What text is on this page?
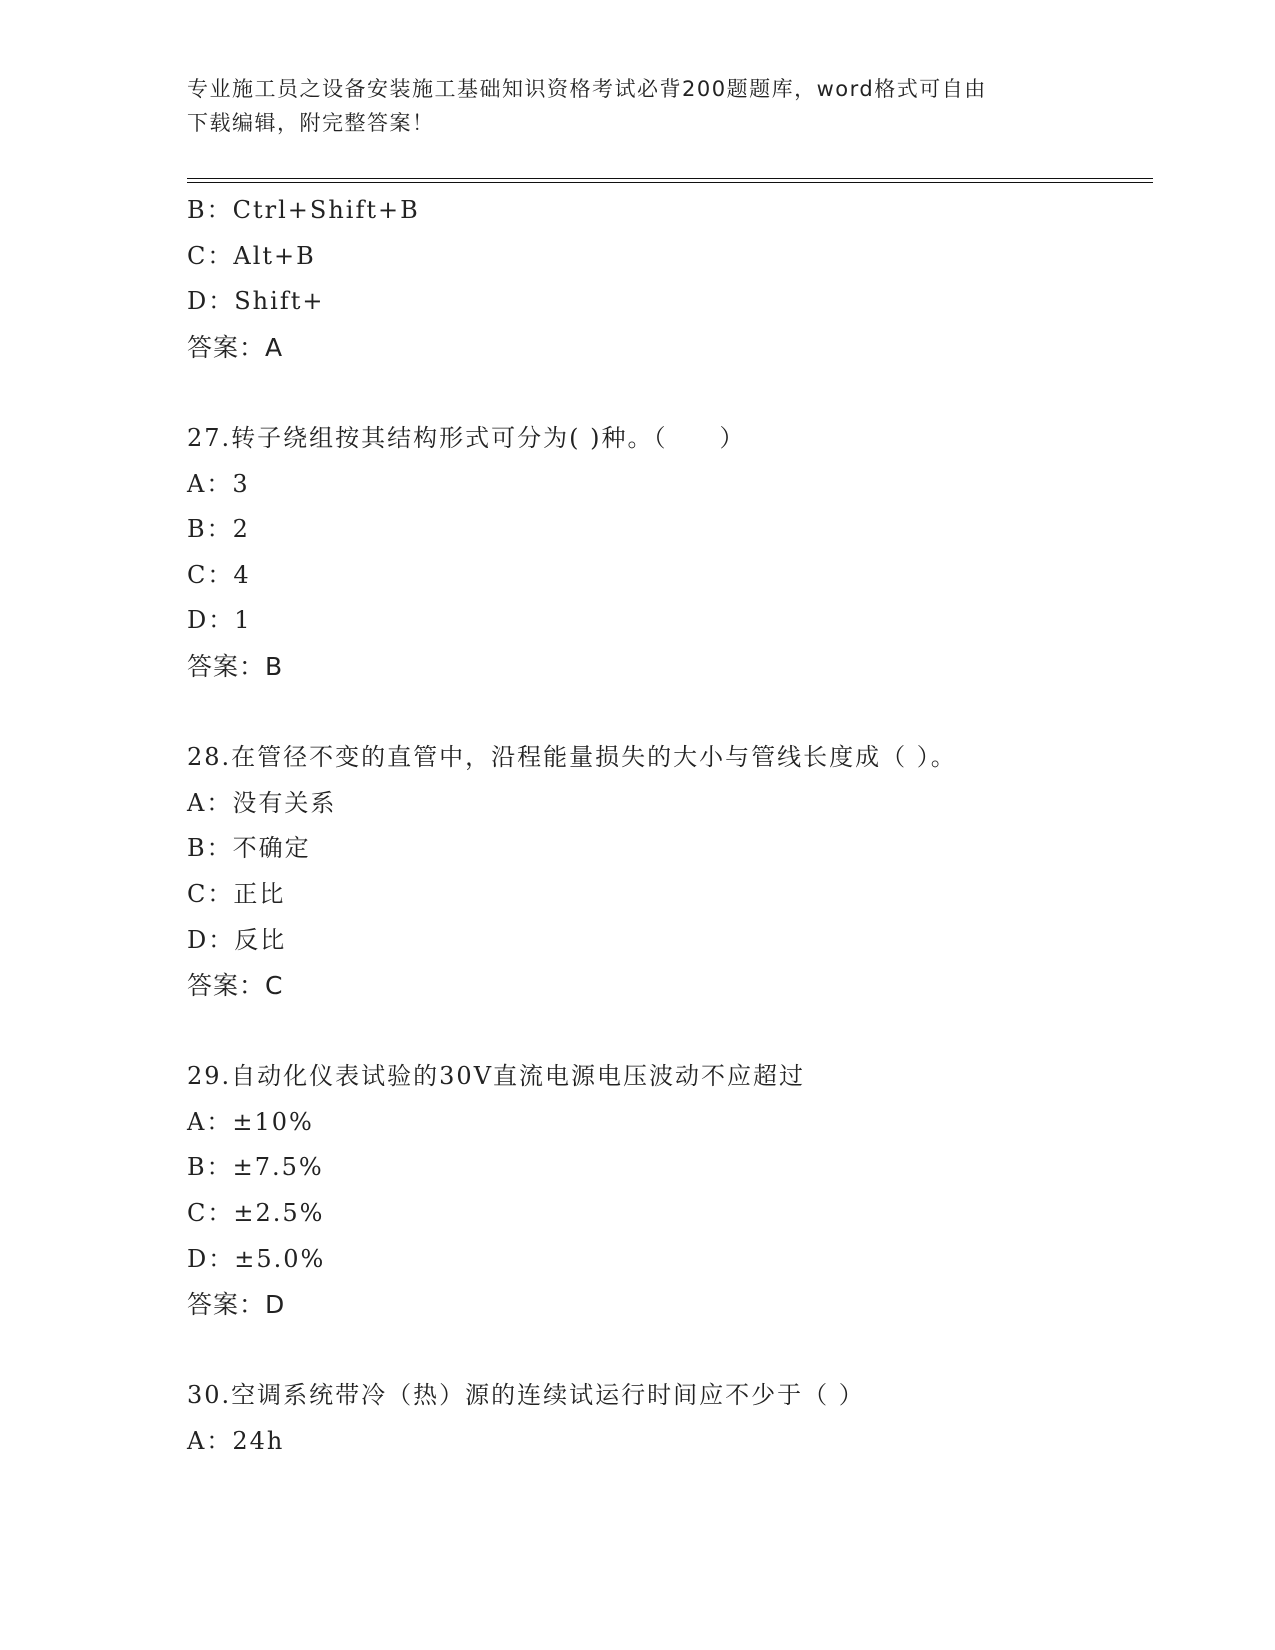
专业施工员之设备安装施工基础知识资格考试必背200题题库，word格式可自由
下载编辑，附完整答案！
B：Ctrl+Shift+B
C：Alt+B
D：Shift+
答案：A
27.转子绕组按其结构形式可分为( )种。（　　）
A：3
B：2
C：4
D：1
答案：B
28.在管径不变的直管中，沿程能量损失的大小与管线长度成（ ）。
A：没有关系
B：不确定
C：正比
D：反比
答案：C
29.自动化仪表试验的30V直流电源电压波动不应超过
A：±10%
B：±7.5%
C：±2.5%
D：±5.0%
答案：D
30.空调系统带冷（热）源的连续试运行时间应不少于（ ）
A：24h
